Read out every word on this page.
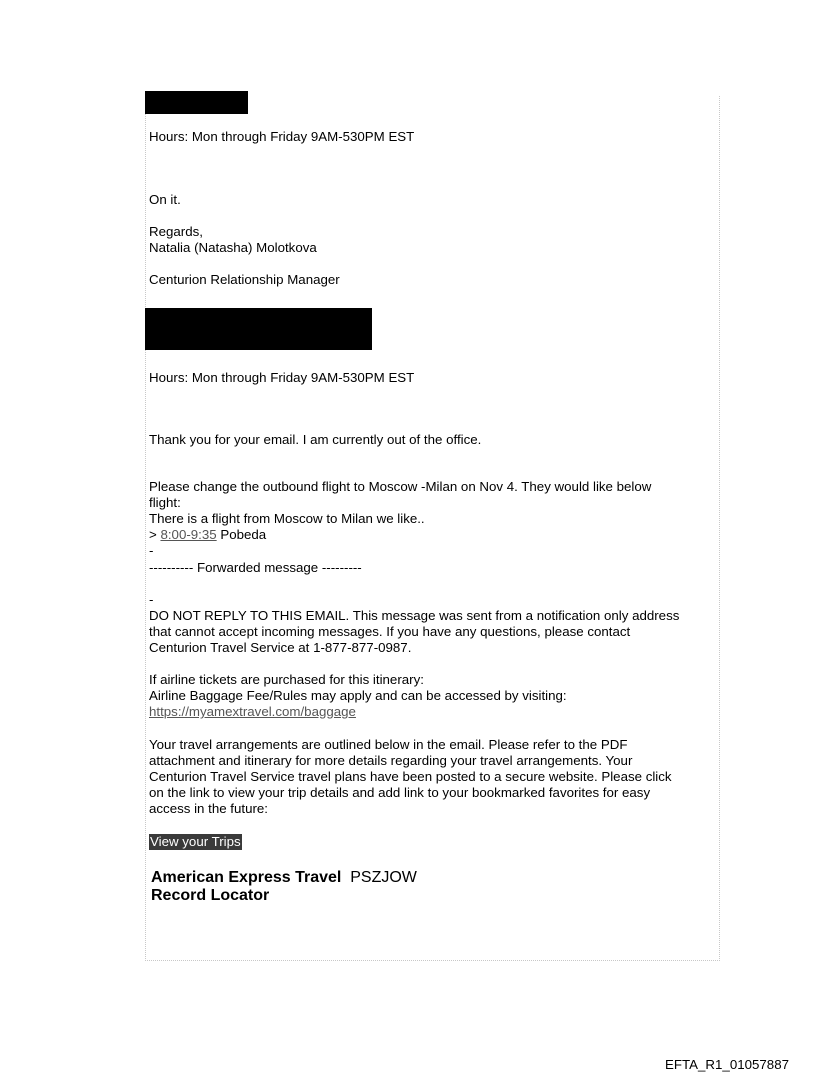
Hours: Mon through Friday 9AM-530PM EST

On it.

Regards,

Natalia (Natasha) Molotkova

Centurion Relationship Manager

Hours: Mon through Friday 9AM-530PM EST

Thank you for your email. I am currently out of the office.

Please change the outbound flight to Moscow -Milan on Nov 4. They would like below

flight:

There is a flight from Moscow to Milan we like..

> 8:00-9:35 Pobeda

-

---------- Forwarded message ---------

-

DO NOT REPLY TO THIS EMAIL. This message was sent from a notification only address

that cannot accept incoming messages. If you have any questions, please contact

Centurion Travel Service at 1-877-877-0987.

If airline tickets are purchased for this itinerary:

Airline Baggage Fee/Rules may apply and can be accessed by visiting:

https://myamextravel.com/baggage

Your travel arrangements are outlined below in the email. Please refer to the PDF

attachment and itinerary for more details regarding your travel arrangements. Your

Centurion Travel Service travel plans have been posted to a secure website. Please click

on the link to view your trip details and add link to your bookmarked favorites for easy

access in the future:

View your Trips

American Express Travel PSZJOW
Record Locator
EFTA_R1_01057887
